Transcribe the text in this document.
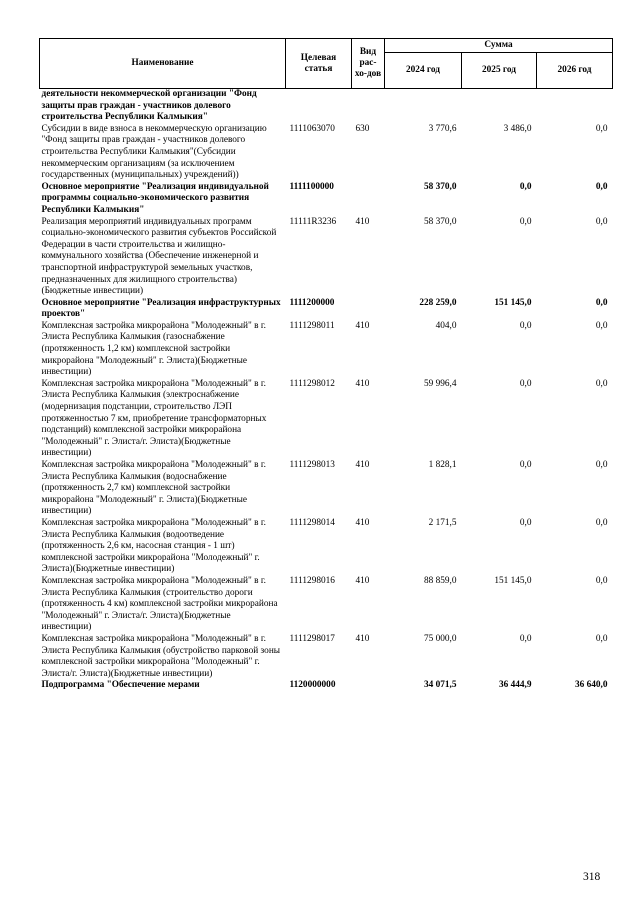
Наименование	Целевая статья	Вид рас-хо-дов	Сумма		
			2024 год	2025 год	2026 год
деятельности некоммерческой организации "Фонд защиты прав граждан - участников долевого строительства Республики Калмыкия"					
Субсидии в виде взноса в некоммерческую организацию "Фонд защиты прав граждан - участников долевого строительства Республики Калмыкия"(Субсидии некоммерческим организациям (за исключением государственных (муниципальных) учреждений))	1111063070	630	3 770,6	3 486,0	0,0
Основное мероприятие "Реализация индивидуальной программы социально-экономического развития Республики Калмыкия"	1111100000		58 370,0	0,0	0,0
Реализация мероприятий индивидуальных программ социально-экономического развития субъектов Российской Федерации в части строительства и жилищно-коммунального хозяйства (Обеспечение инженерной и транспортной инфраструктурой земельных участков, предназначенных для жилищного строительства)(Бюджетные инвестиции)	11111R3236	410	58 370,0	0,0	0,0
Основное мероприятие "Реализация инфраструктурных проектов"	1111200000		228 259,0	151 145,0	0,0
Комплексная застройка микрорайона "Молодежный" в г. Элиста Республика Калмыкия (газоснабжение (протяженность 1,2 км) комплексной застройки микрорайона "Молодежный" г. Элиста)(Бюджетные инвестиции)	1111298011	410	404,0	0,0	0,0
Комплексная застройка микрорайона "Молодежный" в г. Элиста Республика Калмыкия (электроснабжение (модернизация подстанции, строительство ЛЭП протяженностью 7 км, приобретение трансформаторных подстанций) комплексной застройки микрорайона "Молодежный" г. Элиста/г. Элиста)(Бюджетные инвестиции)	1111298012	410	59 996,4	0,0	0,0
Комплексная застройка микрорайона "Молодежный" в г. Элиста Республика Калмыкия (водоснабжение (протяженность 2,7 км) комплексной застройки микрорайона "Молодежный" г. Элиста)(Бюджетные инвестиции)	1111298013	410	1 828,1	0,0	0,0
Комплексная застройка микрорайона "Молодежный" в г. Элиста Республика Калмыкия (водоотведение (протяженность 2,6 км, насосная станция - 1 шт) комплексной застройки микрорайона "Молодежный" г. Элиста)(Бюджетные инвестиции)	1111298014	410	2 171,5	0,0	0,0
Комплексная застройка микрорайона "Молодежный" в г. Элиста Республика Калмыкия (строительство дороги (протяженность 4 км) комплексной застройки микрорайона "Молодежный" г. Элиста/г. Элиста)(Бюджетные инвестиции)	1111298016	410	88 859,0	151 145,0	0,0
Комплексная застройка микрорайона "Молодежный" в г. Элиста Республика Калмыкия (обустройство парковой зоны комплексной застройки микрорайона "Молодежный" г. Элиста/г. Элиста)(Бюджетные инвестиции)	1111298017	410	75 000,0	0,0	0,0
Подпрограмма "Обеспечение мерами	1120000000		34 071,5	36 444,9	36 640,0
318
